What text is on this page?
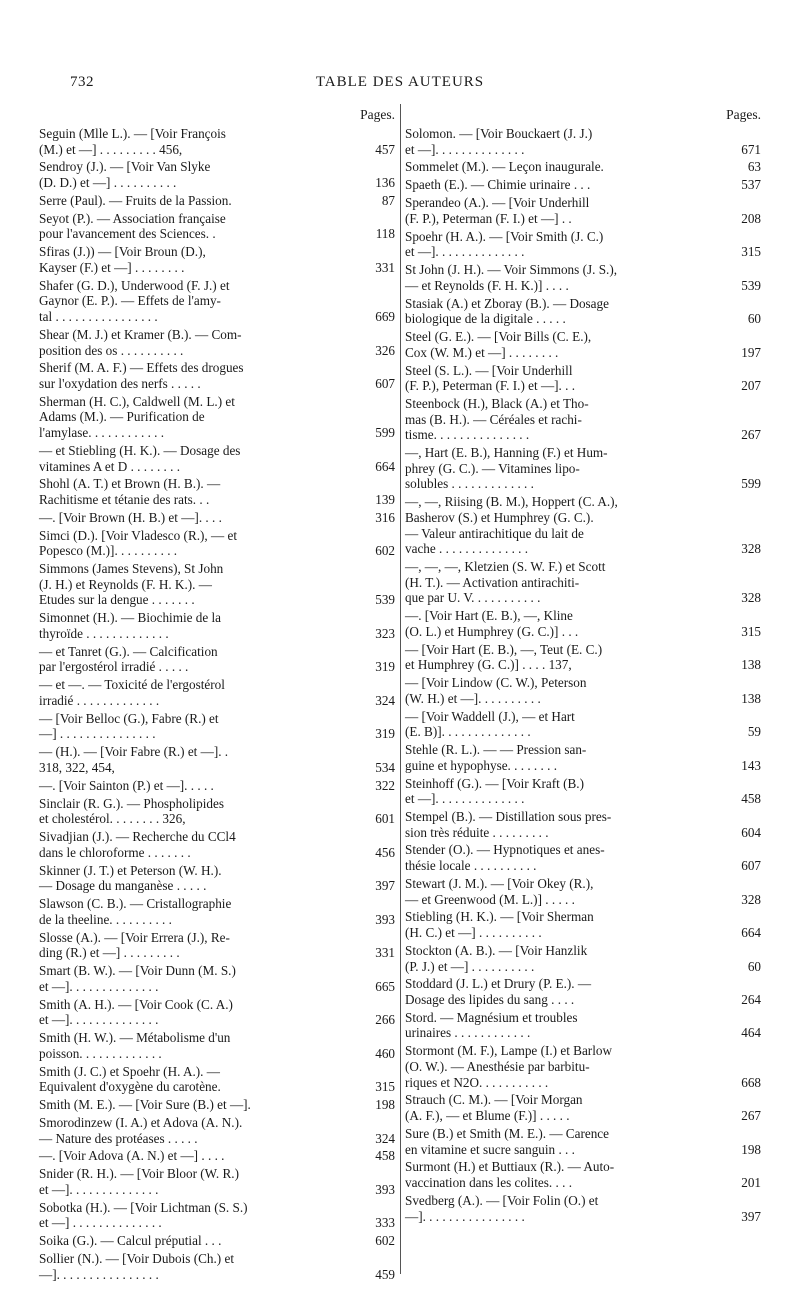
732	TABLE DES AUTEURS
Pages.
Seguin (Mlle L.). — [Voir François
(M.) et —] . . . . . . . . . 456,	457
Sendroy (J.). — [Voir Van Slyke
(D. D.) et —] . . . . . . . . . .	136
Serre (Paul). — Fruits de la Passion.	87
Seyot (P.). — Association française
pour l'avancement des Sciences. .	118
Sfiras (J.)) — [Voir Broun (D.),
Kayser (F.) et —] . . . . . . . .	331
Shafer (G. D.), Underwood (F. J.) et
Gaynor (E. P.). — Effets de l'amy-
tal . . . . . . . . . . . . . . . .	669
Shear (M. J.) et Kramer (B.). — Com-
position des os . . . . . . . . . .	326
Sherif (M. A. F.) — Effets des drogues
sur l'oxydation des nerfs . . . . .	607
Sherman (H. C.), Caldwell (M. L.) et
Adams (M.). — Purification de
l'amylase. . . . . . . . . . . .	599
— et Stiebling (H. K.). — Dosage des
vitamines A et D . . . . . . . .	664
Shohl (A. T.) et Brown (H. B.). —
Rachitisme et tétanie des rats. . .	139
—. [Voir Brown (H. B.) et —]. . . .	316
Simci (D.). [Voir Vladesco (R.), — et
Popesco (M.)]. . . . . . . . . .	602
Simmons (James Stevens), St John
(J. H.) et Reynolds (F. H. K.). —
Etudes sur la dengue . . . . . . .	539
Simonnet (H.). — Biochimie de la
thyroïde . . . . . . . . . . . . .	323
— et Tanret (G.). — Calcification
par l'ergostérol irradié . . . . .	319
— et —. — Toxicité de l'ergostérol
irradié . . . . . . . . . . . . .	324
— [Voir Belloc (G.), Fabre (R.) et
—] . . . . . . . . . . . . . . .	319
— (H.). — [Voir Fabre (R.) et —]. .
318, 322, 454,	534
—. [Voir Sainton (P.) et —]. . . . .	322
Sinclair (R. G.). — Phospholipides
et cholestérol. . . . . . . . 326,	601
Sivadjian (J.). — Recherche du CCl4
dans le chloroforme . . . . . . .	456
Skinner (J. T.) et Peterson (W. H.).
— Dosage du manganèse . . . . .	397
Slawson (C. B.). — Cristallographie
de la theeline. . . . . . . . . .	393
Slosse (A.). — [Voir Errera (J.), Re-
ding (R.) et —] . . . . . . . . .	331
Smart (B. W.). — [Voir Dunn (M. S.)
et —]. . . . . . . . . . . . . .	665
Smith (A. H.). — [Voir Cook (C. A.)
et —]. . . . . . . . . . . . . .	266
Smith (H. W.). — Métabolisme d'un
poisson. . . . . . . . . . . . .	460
Smith (J. C.) et Spoehr (H. A.). —
Equivalent d'oxygène du carotène.	315
Smith (M. E.). — [Voir Sure (B.) et —].	198
Smorodinzew (I. A.) et Adova (A. N.).
— Nature des protéases . . . . .	324
—. [Voir Adova (A. N.) et —] . . . .	458
Snider (R. H.). — [Voir Bloor (W. R.)
et —]. . . . . . . . . . . . . .	393
Sobotka (H.). — [Voir Lichtman (S. S.)
et —] . . . . . . . . . . . . . .	333
Soika (G.). — Calcul préputial . . .	602
Sollier (N.). — [Voir Dubois (Ch.) et
—]. . . . . . . . . . . . . . . .	459
Pages.
Solomon. — [Voir Bouckaert (J. J.)
et —]. . . . . . . . . . . . . .	671
Sommelet (M.). — Leçon inaugurale.	63
Spaeth (E.). — Chimie urinaire . . .	537
Sperandeo (A.). — [Voir Underhill
(F. P.), Peterman (F. I.) et —] . .	208
Spoehr (H. A.). — [Voir Smith (J. C.)
et —]. . . . . . . . . . . . . .	315
St John (J. H.). — Voir Simmons (J. S.),
— et Reynolds (F. H. K.)] . . . .	539
Stasiak (A.) et Zboray (B.). — Dosage
biologique de la digitale . . . . .	60
Steel (G. E.). — [Voir Bills (C. E.),
Cox (W. M.) et —] . . . . . . . .	197
Steel (S. L.). — [Voir Underhill
(F. P.), Peterman (F. I.) et —]. . .	207
Steenbock (H.), Black (A.) et Tho-
mas (B. H.). — Céréales et rachi-
tisme. . . . . . . . . . . . . . .	267
—, Hart (E. B.), Hanning (F.) et Hum-
phrey (G. C.). — Vitamines lipo-
solubles . . . . . . . . . . . . .	599
—, —, Riising (B. M.), Hoppert (C. A.),
Basherov (S.) et Humphrey (G. C.).
— Valeur antirachitique du lait de
vache . . . . . . . . . . . . . .	328
—, —, —, Kletzien (S. W. F.) et Scott
(H. T.). — Activation antirachiti-
que par U. V. . . . . . . . . . .	328
—. [Voir Hart (E. B.), —, Kline
(O. L.) et Humphrey (G. C.)] . . .	315
— [Voir Hart (E. B.), —, Teut (E. C.)
et Humphrey (G. C.)] . . . . 137,	138
— [Voir Lindow (C. W.), Peterson
(W. H.) et —]. . . . . . . . . .	138
— [Voir Waddell (J.), — et Hart
(E. B)]. . . . . . . . . . . . . .	59
Stehle (R. L.). — — Pression san-
guine et hypophyse. . . . . . . .	143
Steinhoff (G.). — [Voir Kraft (B.)
et —]. . . . . . . . . . . . . .	458
Stempel (B.). — Distillation sous pres-
sion très réduite . . . . . . . . .	604
Stender (O.). — Hypnotiques et anes-
thésie locale . . . . . . . . . .	607
Stewart (J. M.). — [Voir Okey (R.),
— et Greenwood (M. L.)] . . . . .	328
Stiebling (H. K.). — [Voir Sherman
(H. C.) et —] . . . . . . . . . .	664
Stockton (A. B.). — [Voir Hanzlik
(P. J.) et —] . . . . . . . . . .	60
Stoddard (J. L.) et Drury (P. E.). —
Dosage des lipides du sang . . . .	264
Stord. — Magnésium et troubles
urinaires . . . . . . . . . . . .	464
Stormont (M. F.), Lampe (I.) et Barlow
(O. W.). — Anesthésie par barbitu-
riques et N2O. . . . . . . . . . .	668
Strauch (C. M.). — [Voir Morgan
(A. F.), — et Blume (F.)] . . . . .	267
Sure (B.) et Smith (M. E.). — Carence
en vitamine et sucre sanguin . . .	198
Surmont (H.) et Buttiaux (R.). — Auto-
vaccination dans les colites. . . .	201
Svedberg (A.). — [Voir Folin (O.) et
—]. . . . . . . . . . . . . . . .	397
